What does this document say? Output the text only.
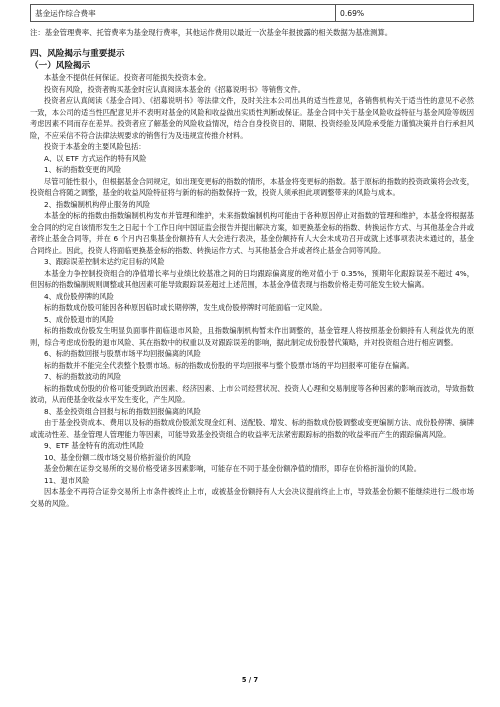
基金运作综合费率	0.69%
注：基金管理费率、托管费率为基金现行费率，其他运作费用以最近一次基金年报披露的相关数据为基准测算。
四、风险揭示与重要提示
（一）风险揭示

本基金不提供任何保证。投资者可能损失投资本金。

投资有风险，投资者购买基金时应认真阅读本基金的《招募说明书》等销售文件。

投资者应认真阅读《基金合同》、《招募说明书》等法律文件，及时关注本公司出具的适当性意见，各销售机构关于适当性的意见不必然一致，本公司的适当性匹配意见并不表明对基金的风险和收益做出实质性判断或保证。基金合同中关于基金风险收益特征与基金风险等级因考虑因素不同而存在差异。投资者应了解基金的风险收益情况，结合自身投资目的、期限、投资经验及风险承受能力谨慎决策并自行承担风险，不应采信不符合法律法规要求的销售行为及违规宣传推介材料。

投资于本基金的主要风险包括：

A、以 ETF 方式运作的特有风险

1、标的指数变更的风险

尽管可能性很小，但根据基金合同规定，如出现变更标的指数的情形，本基金将变更标的指数。基于原标的指数的投资政策将会改变，投资组合将随之调整，基金的收益风险特征将与新的标的指数保持一致，投资人须承担此项调整带来的风险与成本。

2、指数编制机构停止服务的风险

本基金的标的指数由指数编制机构发布并管理和维护，未来指数编制机构可能由于各种原因停止对指数的管理和维护，本基金将根据基金合同的约定自该情形发生之日起十个工作日向中国证监会报告并提出解决方案，如更换基金标的指数、转换运作方式、与其他基金合并或者终止基金合同等，并在 6 个月内召集基金份额持有人大会进行表决，基金份额持有人大会未成功召开或就上述事项表决未通过的，基金合同终止。因此，投资人将面临更换基金标的指数、转换运作方式、与其他基金合并或者终止基金合同等风险。

3、跟踪误差控制未达约定目标的风险

本基金力争控制投资组合的净值增长率与业绩比较基准之间的日均跟踪偏离度的绝对值小于 0.35%，预期年化跟踪误差不超过 4%，但因标的指数编制规则调整或其他因素可能导致跟踪误差超过上述范围，本基金净值表现与指数价格走势可能发生较大偏离。

4、成份股停牌的风险

标的指数成份股可能因各种原因临时或长期停牌，发生成份股停牌时可能面临一定风险。

5、成份股退市的风险

标的指数成份股发生明显负面事件面临退市风险，且指数编制机构暂未作出调整的，基金管理人将按照基金份额持有人利益优先的原则，综合考虑成份股的退市风险、其在指数中的权重以及对跟踪误差的影响，据此制定成份股替代策略，并对投资组合进行相应调整。

6、标的指数回报与股票市场平均回报偏离的风险

标的指数并不能完全代表整个股票市场。标的指数成份股的平均回报率与整个股票市场的平均回报率可能存在偏离。

7、标的指数波动的风险

标的指数成份股的价格可能受到政治因素、经济因素、上市公司经营状况、投资人心理和交易制度等各种因素的影响而波动，导致指数波动，从而使基金收益水平发生变化，产生风险。

8、基金投资组合回报与标的指数回报偏离的风险

由于基金投资成本、费用以及标的指数成份股派发现金红利、送配股、增发、标的指数成份股调整或变更编制方法、成份股停牌、摘牌或流动性差、基金管理人管理能力等因素，可能导致基金投资组合的收益率无法紧密跟踪标的指数的收益率而产生的跟踪偏离风险。

9、ETF 基金特有的流动性风险

10、基金份额二级市场交易价格折溢价的风险

基金份额在证券交易所的交易价格受诸多因素影响，可能存在不同于基金份额净值的情形，即存在价格折溢价的风险。

11、退市风险

因本基金不再符合证券交易所上市条件被终止上市，或被基金份额持有人大会决议提前终止上市，导致基金份额不能继续进行二级市场交易的风险。

5 / 7
